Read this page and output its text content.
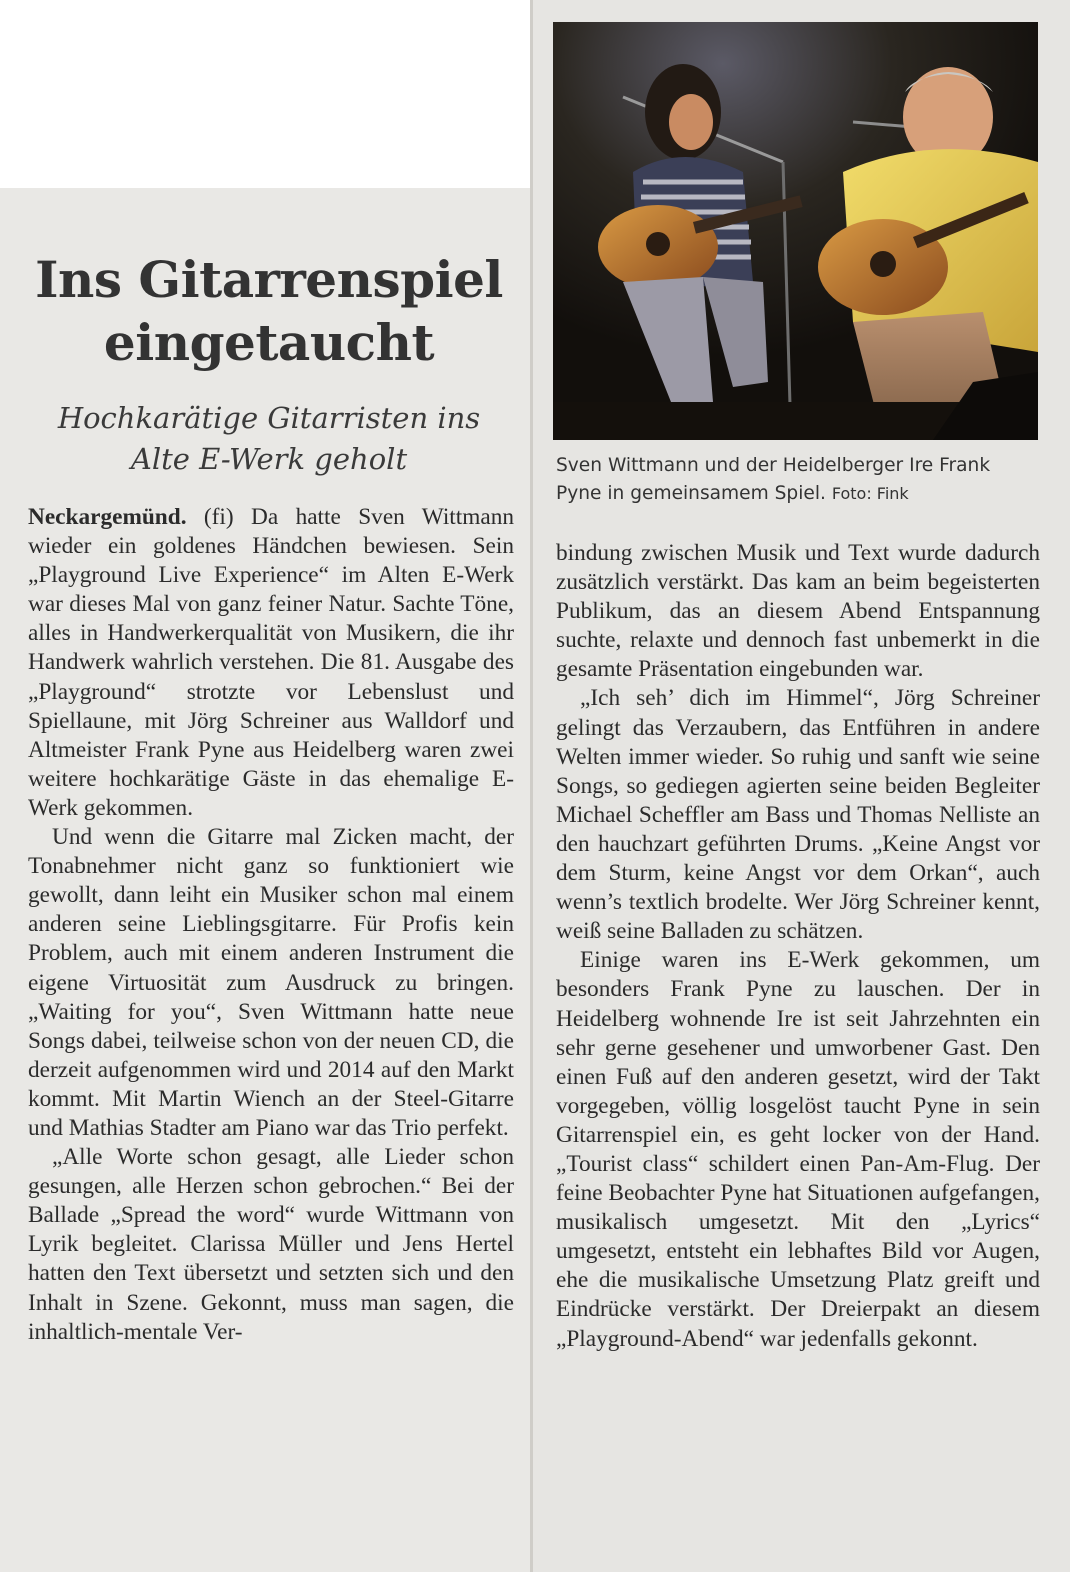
Ins Gitarrenspiel eingetaucht
Hochkarätige Gitarristen ins Alte E-Werk geholt

Neckargemünd. (fi) Da hatte Sven Wittmann wieder ein goldenes Händchen bewiesen. Sein „Playground Live Experience“ im Alten E-Werk war dieses Mal von ganz feiner Natur. Sachte Töne, alles in Handwerkerqualität von Musikern, die ihr Handwerk wahrlich verstehen. Die 81. Ausgabe des „Playground“ strotzte vor Lebenslust und Spiellaune, mit Jörg Schreiner aus Walldorf und Altmeister Frank Pyne aus Heidelberg waren zwei weitere hochkarätige Gäste in das ehemalige E-Werk gekommen.

Und wenn die Gitarre mal Zicken macht, der Tonabnehmer nicht ganz so funktioniert wie gewollt, dann leiht ein Musiker schon mal einem anderen seine Lieblingsgitarre. Für Profis kein Problem, auch mit einem anderen Instrument die eigene Virtuosität zum Ausdruck zu bringen. „Waiting for you“, Sven Wittmann hatte neue Songs dabei, teilweise schon von der neuen CD, die derzeit aufgenommen wird und 2014 auf den Markt kommt. Mit Martin Wiench an der Steel-Gitarre und Mathias Stadter am Piano war das Trio perfekt.

„Alle Worte schon gesagt, alle Lieder schon gesungen, alle Herzen schon gebrochen.“ Bei der Ballade „Spread the word“ wurde Wittmann von Lyrik begleitet. Clarissa Müller und Jens Hertel hatten den Text übersetzt und setzten sich und den Inhalt in Szene. Gekonnt, muss man sagen, die inhaltlich-mentale Ver-

Sven Wittmann und der Heidelberger Ire Frank Pyne in gemeinsamem Spiel. Foto: Fink

bindung zwischen Musik und Text wurde dadurch zusätzlich verstärkt. Das kam an beim begeisterten Publikum, das an diesem Abend Entspannung suchte, relaxte und dennoch fast unbemerkt in die gesamte Präsentation eingebunden war.

„Ich seh’ dich im Himmel“, Jörg Schreiner gelingt das Verzaubern, das Entführen in andere Welten immer wieder. So ruhig und sanft wie seine Songs, so gediegen agierten seine beiden Begleiter Michael Scheffler am Bass und Thomas Nelliste an den hauchzart geführten Drums. „Keine Angst vor dem Sturm, keine Angst vor dem Orkan“, auch wenn’s textlich brodelte. Wer Jörg Schreiner kennt, weiß seine Balladen zu schätzen.

Einige waren ins E-Werk gekommen, um besonders Frank Pyne zu lauschen. Der in Heidelberg wohnende Ire ist seit Jahrzehnten ein sehr gerne gesehener und umworbener Gast. Den einen Fuß auf den anderen gesetzt, wird der Takt vorgegeben, völlig losgelöst taucht Pyne in sein Gitarrenspiel ein, es geht locker von der Hand. „Tourist class“ schildert einen Pan-Am-Flug. Der feine Beobachter Pyne hat Situationen aufgefangen, musikalisch umgesetzt. Mit den „Lyrics“ umgesetzt, entsteht ein lebhaftes Bild vor Augen, ehe die musikalische Umsetzung Platz greift und Eindrücke verstärkt. Der Dreierpakt an diesem „Playground-Abend“ war jedenfalls gekonnt.
